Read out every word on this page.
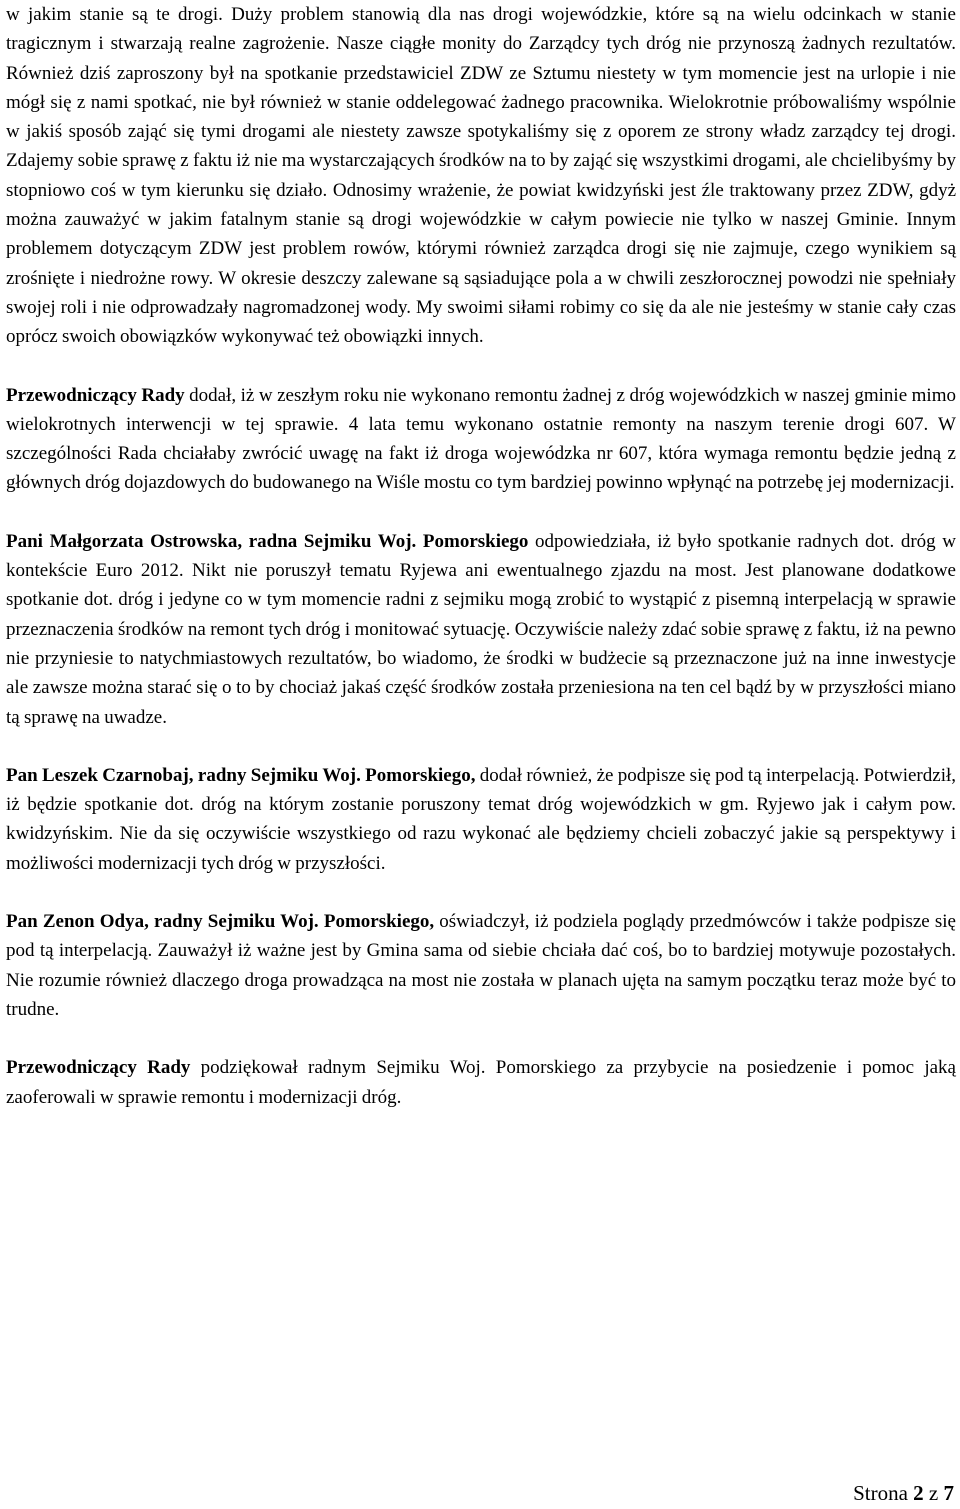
w jakim stanie są te drogi. Duży problem stanowią dla nas drogi wojewódzkie, które są na wielu odcinkach w stanie tragicznym i stwarzają realne zagrożenie. Nasze ciągłe monity do Zarządcy tych dróg nie przynoszą żadnych rezultatów. Również dziś zaproszony był na spotkanie przedstawiciel ZDW ze Sztumu niestety w tym momencie jest na urlopie i nie mógł się z nami spotkać, nie był również w stanie oddelegować żadnego pracownika. Wielokrotnie próbowaliśmy wspólnie w jakiś sposób zająć się tymi drogami ale niestety zawsze spotykaliśmy się z oporem ze strony władz zarządcy tej drogi. Zdajemy sobie sprawę z faktu iż nie ma wystarczających środków na to by zająć się wszystkimi drogami, ale chcielibyśmy by stopniowo coś w tym kierunku się działo. Odnosimy wrażenie, że powiat kwidzyński jest źle traktowany przez ZDW, gdyż można zauważyć w jakim fatalnym stanie są drogi wojewódzkie w całym powiecie nie tylko w naszej Gminie. Innym problemem dotyczącym ZDW jest problem rowów, którymi również zarządca drogi się nie zajmuje, czego wynikiem są zrośnięte i niedrożne rowy. W okresie deszczy zalewane są sąsiadujące pola a w chwili zeszłorocznej powodzi nie spełniały swojej roli i nie odprowadzały nagromadzonej wody. My swoimi siłami robimy co się da ale nie jesteśmy w stanie cały czas oprócz swoich obowiązków wykonywać też obowiązki innych.

Przewodniczący Rady dodał, iż w zeszłym roku nie wykonano remontu żadnej z dróg wojewódzkich w naszej gminie mimo wielokrotnych interwencji w tej sprawie. 4 lata temu wykonano ostatnie remonty na naszym terenie drogi 607. W szczególności Rada chciałaby zwrócić uwagę na fakt iż droga wojewódzka nr 607, która wymaga remontu będzie jedną z głównych dróg dojazdowych do budowanego na Wiśle mostu co tym bardziej powinno wpłynąć na potrzebę jej modernizacji.

Pani Małgorzata Ostrowska, radna Sejmiku Woj. Pomorskiego odpowiedziała, iż było spotkanie radnych dot. dróg w kontekście Euro 2012. Nikt nie poruszył tematu Ryjewa ani ewentualnego zjazdu na most. Jest planowane dodatkowe spotkanie dot. dróg i jedyne co w tym momencie radni z sejmiku mogą zrobić to wystąpić z pisemną interpelacją w sprawie przeznaczenia środków na remont tych dróg i monitować sytuację. Oczywiście należy zdać sobie sprawę z faktu, iż na pewno nie przyniesie to natychmiastowych rezultatów, bo wiadomo, że środki w budżecie są przeznaczone już na inne inwestycje ale zawsze można starać się o to by chociaż jakaś część środków została przeniesiona na ten cel bądź by w przyszłości miano tą sprawę na uwadze.

Pan Leszek Czarnobaj, radny Sejmiku Woj. Pomorskiego, dodał również, że podpisze się pod tą interpelacją. Potwierdził, iż będzie spotkanie dot. dróg na którym zostanie poruszony temat dróg wojewódzkich w gm. Ryjewo jak i całym pow. kwidzyńskim. Nie da się oczywiście wszystkiego od razu wykonać ale będziemy chcieli zobaczyć jakie są perspektywy i możliwości modernizacji tych dróg w przyszłości.

Pan Zenon Odya, radny Sejmiku Woj. Pomorskiego, oświadczył, iż podziela poglądy przedmówców i także podpisze się pod tą interpelacją. Zauważył iż ważne jest by Gmina sama od siebie chciała dać coś, bo to bardziej motywuje pozostałych. Nie rozumie również dlaczego droga prowadząca na most nie została w planach ujęta na samym początku teraz może być to trudne.

Przewodniczący Rady podziękował radnym Sejmiku Woj. Pomorskiego za przybycie na posiedzenie i pomoc jaką zaoferowali w sprawie remontu i modernizacji dróg.

Strona 2 z 7
